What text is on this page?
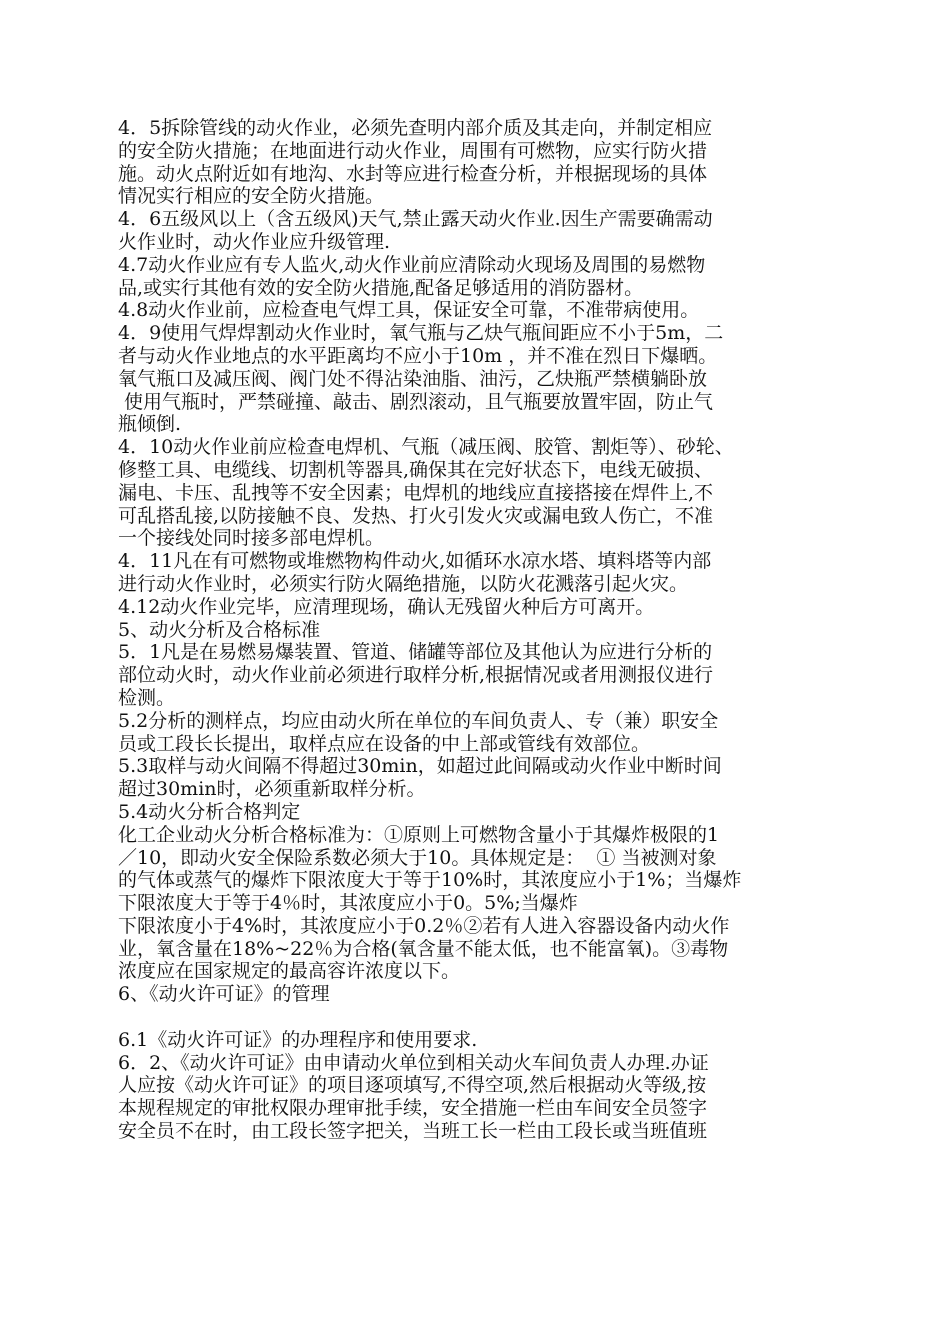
4．5拆除管线的动火作业，必须先查明内部介质及其走向，并制定相应
的安全防火措施；在地面进行动火作业，周围有可燃物，应实行防火措
施。动火点附近如有地沟、水封等应进行检查分析，并根据现场的具体
情况实行相应的安全防火措施。
4．6五级风以上（含五级风)天气,禁止露天动火作业.因生产需要确需动
火作业时，动火作业应升级管理.
4.7动火作业应有专人监火,动火作业前应清除动火现场及周围的易燃物
品,或实行其他有效的安全防火措施,配备足够适用的消防器材。
4.8动火作业前，应检查电气焊工具，保证安全可靠，不准带病使用。
4．9使用气焊焊割动火作业时，氧气瓶与乙炔气瓶间距应不小于5m，二
者与动火作业地点的水平距离均不应小于10m ，并不准在烈日下爆晒。
氧气瓶口及减压阀、阀门处不得沾染油脂、油污，乙炔瓶严禁横躺卧放
使用气瓶时，严禁碰撞、敲击、剧烈滚动，且气瓶要放置牢固，防止气
瓶倾倒.
4．10动火作业前应检查电焊机、气瓶（减压阀、胶管、割炬等）、砂轮、
修整工具、电缆线、切割机等器具,确保其在完好状态下，电线无破损、
漏电、卡压、乱拽等不安全因素；电焊机的地线应直接搭接在焊件上,不
可乱搭乱接,以防接触不良、发热、打火引发火灾或漏电致人伤亡，不准
一个接线处同时接多部电焊机。
4．11凡在有可燃物或堆燃物构件动火,如循环水凉水塔、填料塔等内部
进行动火作业时，必须实行防火隔绝措施，以防火花溅落引起火灾。
4.12动火作业完毕，应清理现场，确认无残留火种后方可离开。
5、动火分析及合格标准
5．1凡是在易燃易爆装置、管道、储罐等部位及其他认为应进行分析的
部位动火时，动火作业前必须进行取样分析,根据情况或者用测报仪进行
检测。
5.2分析的测样点，均应由动火所在单位的车间负责人、专（兼）职安全
员或工段长长提出，取样点应在设备的中上部或管线有效部位。
5.3取样与动火间隔不得超过30min，如超过此间隔或动火作业中断时间
超过30min时，必须重新取样分析。
5.4动火分析合格判定
化工企业动火分析合格标准为：①原则上可燃物含量小于其爆炸极限的1
／10，即动火安全保险系数必须大于10。具体规定是：  ① 当被测对象
的气体或蒸气的爆炸下限浓度大于等于10%时，其浓度应小于1%；当爆炸
下限浓度大于等于4％时，其浓度应小于0。5%;当爆炸
下限浓度小于4%时，其浓度应小于0.2％②若有人进入容器设备内动火作
业，氧含量在18%~22％为合格(氧含量不能太低，也不能富氧)。③毒物
浓度应在国家规定的最高容许浓度以下。
6、《动火许可证》的管理
6.1《动火许可证》的办理程序和使用要求.
6．2、《动火许可证》由申请动火单位到相关动火车间负责人办理.办证
人应按《动火许可证》的项目逐项填写,不得空项,然后根据动火等级,按
本规程规定的审批权限办理审批手续，安全措施一栏由车间安全员签字
安全员不在时，由工段长签字把关，当班工长一栏由工段长或当班值班
